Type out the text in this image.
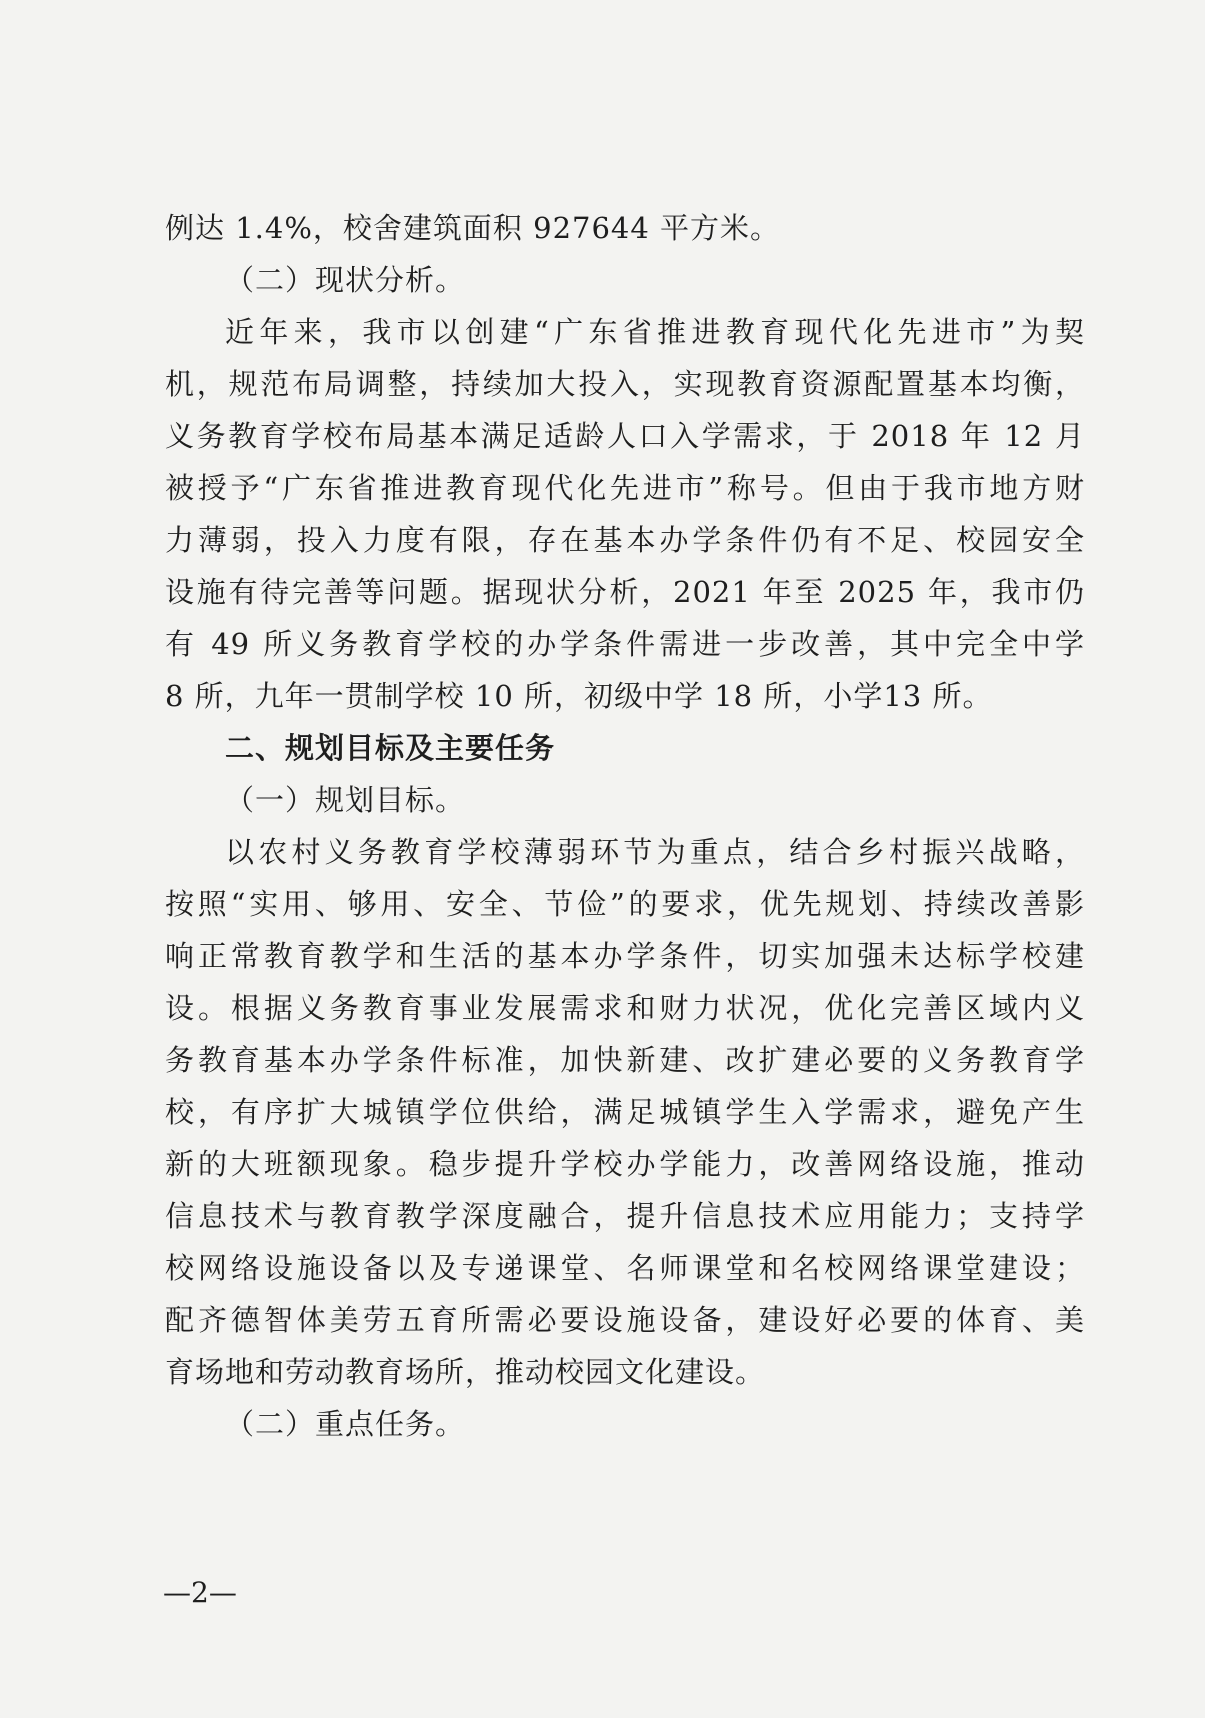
例达 1.4%，校舍建筑面积 927644 平方米。
（二）现状分析。
近年来，我市以创建“广东省推进教育现代化先进市”为契
机，规范布局调整，持续加大投入，实现教育资源配置基本均衡，
义务教育学校布局基本满足适龄人口入学需求，于 2018 年 12 月
被授予“广东省推进教育现代化先进市”称号。但由于我市地方财
力薄弱，投入力度有限，存在基本办学条件仍有不足、校园安全
设施有待完善等问题。据现状分析，2021 年至 2025 年，我市仍
有 49 所义务教育学校的办学条件需进一步改善，其中完全中学
8 所，九年一贯制学校 10 所，初级中学 18 所，小学13 所。
二、规划目标及主要任务
（一）规划目标。
以农村义务教育学校薄弱环节为重点，结合乡村振兴战略，
按照“实用、够用、安全、节俭”的要求，优先规划、持续改善影
响正常教育教学和生活的基本办学条件，切实加强未达标学校建
设。根据义务教育事业发展需求和财力状况，优化完善区域内义
务教育基本办学条件标准，加快新建、改扩建必要的义务教育学
校，有序扩大城镇学位供给，满足城镇学生入学需求，避免产生
新的大班额现象。稳步提升学校办学能力，改善网络设施，推动
信息技术与教育教学深度融合，提升信息技术应用能力；支持学
校网络设施设备以及专递课堂、名师课堂和名校网络课堂建设；
配齐德智体美劳五育所需必要设施设备，建设好必要的体育、美
育场地和劳动教育场所，推动校园文化建设。
（二）重点任务。
—2—
